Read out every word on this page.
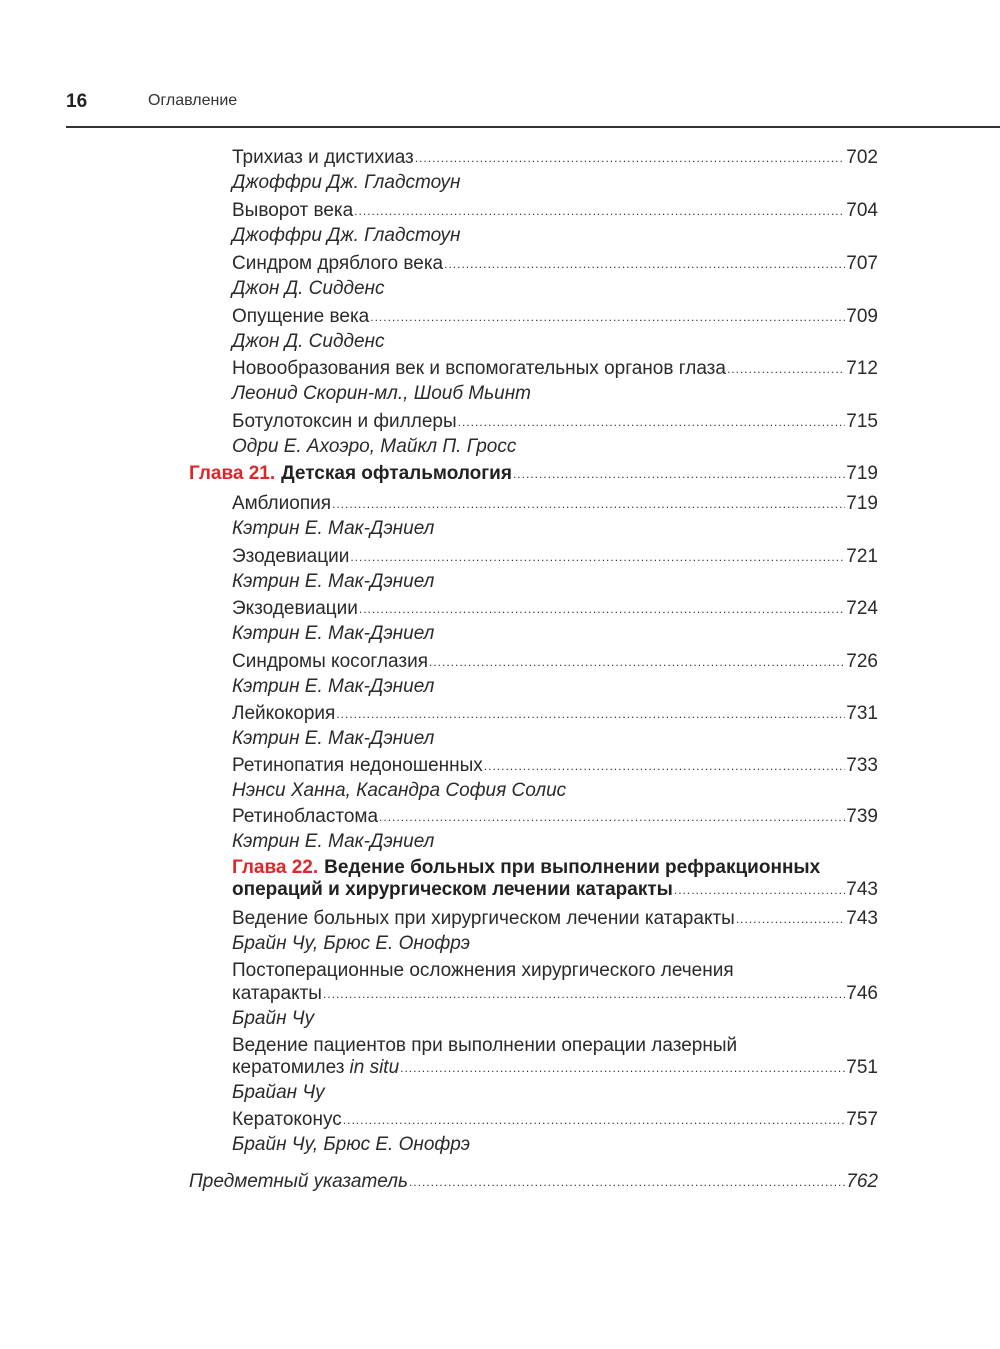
16	Оглавление
Трихиаз и дистихиаз .....	702
Джоффри Дж. Гладстоун
Выворот века .....	704
Джоффри Дж. Гладстоун
Синдром дряблого века .....	707
Джон Д. Сидденс
Опущение века .....	709
Джон Д. Сидденс
Новообразования век и вспомогательных органов глаза .....	712
Леонид Скорин-мл., Шоиб Мьинт
Ботулотоксин и филлеры .....	715
Одри Е. Ахоэро, Майкл П. Гросс
Глава 21. Детская офтальмология .....	719
Амблиопия .....	719
Кэтрин Е. Мак-Дэниел
Эзодевиации .....	721
Кэтрин Е. Мак-Дэниел
Экзодевиации .....	724
Кэтрин Е. Мак-Дэниел
Синдромы косоглазия .....	726
Кэтрин Е. Мак-Дэниел
Лейкокория .....	731
Кэтрин Е. Мак-Дэниел
Ретинопатия недоношенных .....	733
Нэнси Ханна, Касандра София Солис
Ретинобластома .....	739
Кэтрин Е. Мак-Дэниел
Глава 22. Ведение больных при выполнении рефракционных
операций и хирургическом лечении катаракты .....	743
Ведение больных при хирургическом лечении катаракты .....	743
Брайн Чу, Брюс Е. Онофрэ
Постоперационные осложнения хирургического лечения
катаракты .....	746
Брайн Чу
Ведение пациентов при выполнении операции лазерный
кератомилез in situ .....	751
Брайан Чу
Кератоконус .....	757
Брайн Чу, Брюс Е. Онофрэ
Предметный указатель .....	762
